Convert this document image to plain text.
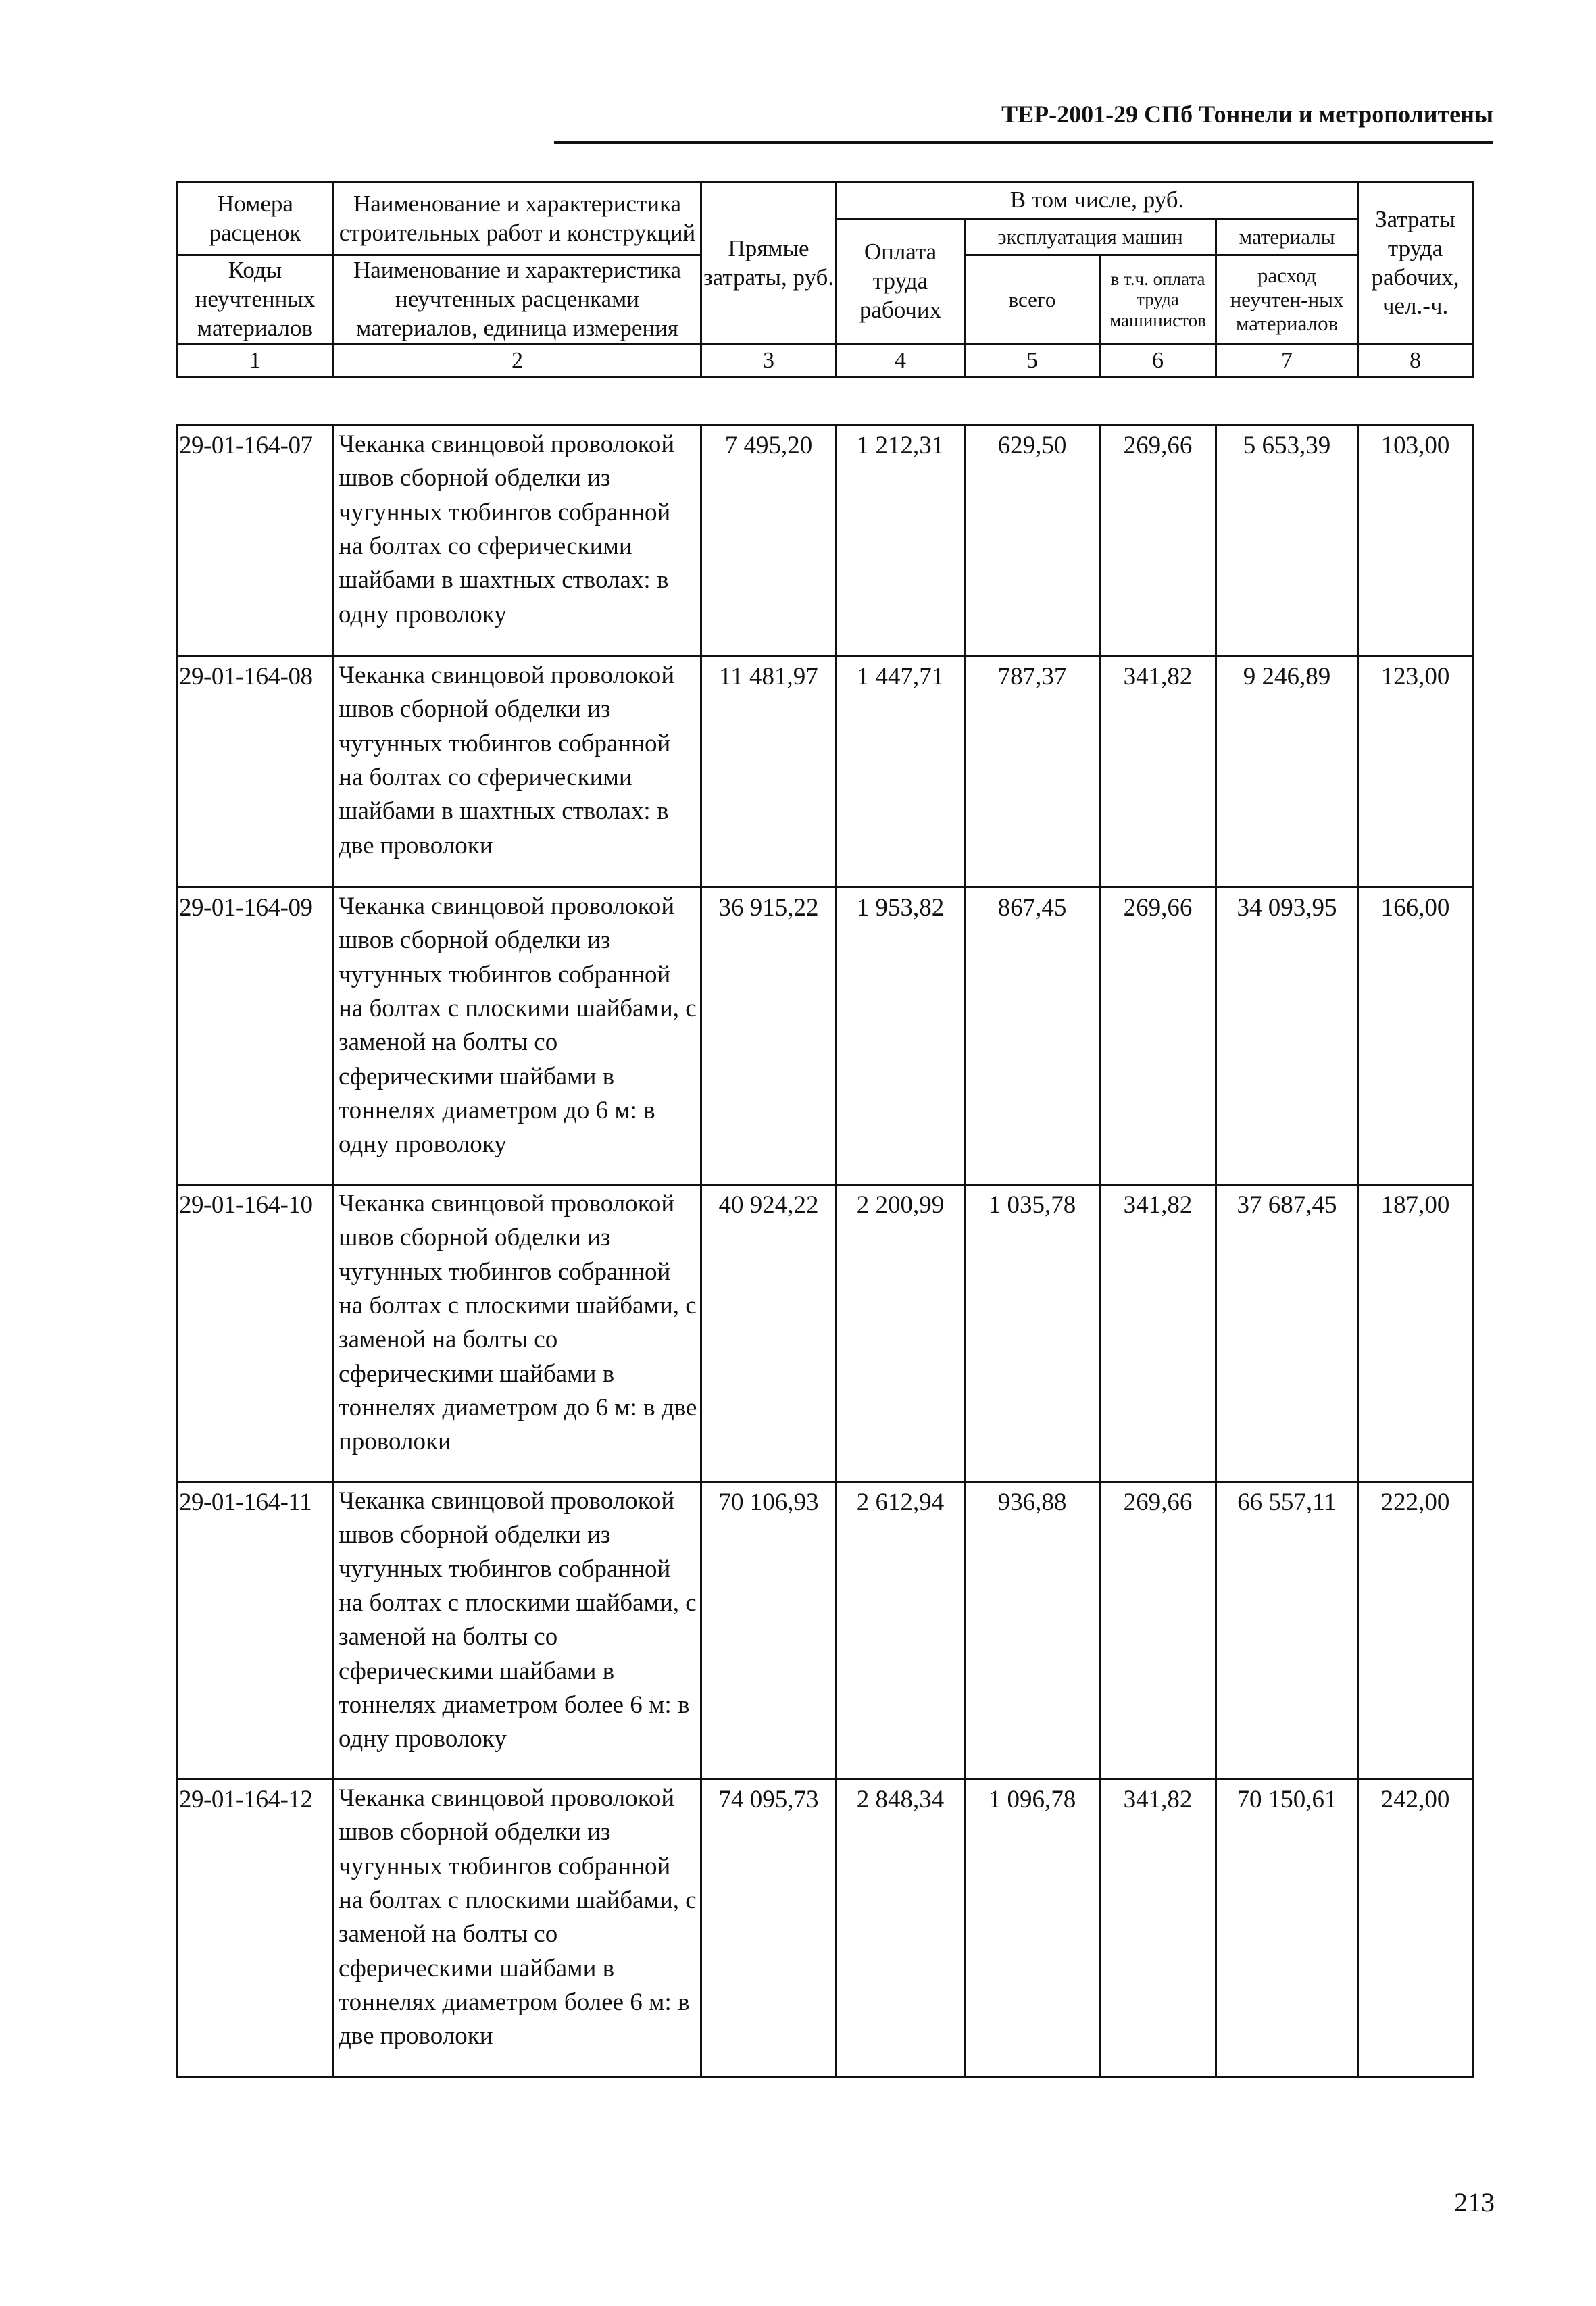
ТЕР-2001-29 СПб Тоннели и метрополитены
Номера расценок	Наименование и характеристика строительных работ и конструкций	Прямые затраты, руб.	В том числе, руб.				Затраты труда рабочих, чел.-ч.
			Оплата труда рабочих	эксплуатация машин		материалы	
Коды неучтенных материалов	Наименование и характеристика неучтенных расценками материалов, единица измерения			всего	в т.ч. оплата труда машинистов	расход неучтен-ных материалов	

1	2	3	4	5	6	7	8
29-01-164-07	Чеканка свинцовой проволокой швов сборной обделки из чугунных тюбингов собранной на болтах со сферическими шайбами в шахтных стволах: в одну проволоку	7 495,20	1 212,31	629,50	269,66	5 653,39	103,00
29-01-164-08	Чеканка свинцовой проволокой швов сборной обделки из чугунных тюбингов собранной на болтах со сферическими шайбами в шахтных стволах: в две проволоки	11 481,97	1 447,71	787,37	341,82	9 246,89	123,00
29-01-164-09	Чеканка свинцовой проволокой швов сборной обделки из чугунных тюбингов собранной на болтах с плоскими шайбами, с заменой на болты со сферическими шайбами в тоннелях диаметром до 6 м: в одну проволоку	36 915,22	1 953,82	867,45	269,66	34 093,95	166,00
29-01-164-10	Чеканка свинцовой проволокой швов сборной обделки из чугунных тюбингов собранной на болтах с плоскими шайбами, с заменой на болты со сферическими шайбами в тоннелях диаметром до 6 м: в две проволоки	40 924,22	2 200,99	1 035,78	341,82	37 687,45	187,00
29-01-164-11	Чеканка свинцовой проволокой швов сборной обделки из чугунных тюбингов собранной на болтах с плоскими шайбами, с заменой на болты со сферическими шайбами в тоннелях диаметром более 6 м: в одну проволоку	70 106,93	2 612,94	936,88	269,66	66 557,11	222,00
29-01-164-12	Чеканка свинцовой проволокой швов сборной обделки из чугунных тюбингов собранной на болтах с плоскими шайбами, с заменой на болты со сферическими шайбами в тоннелях диаметром более 6 м: в две проволоки	74 095,73	2 848,34	1 096,78	341,82	70 150,61	242,00
213
